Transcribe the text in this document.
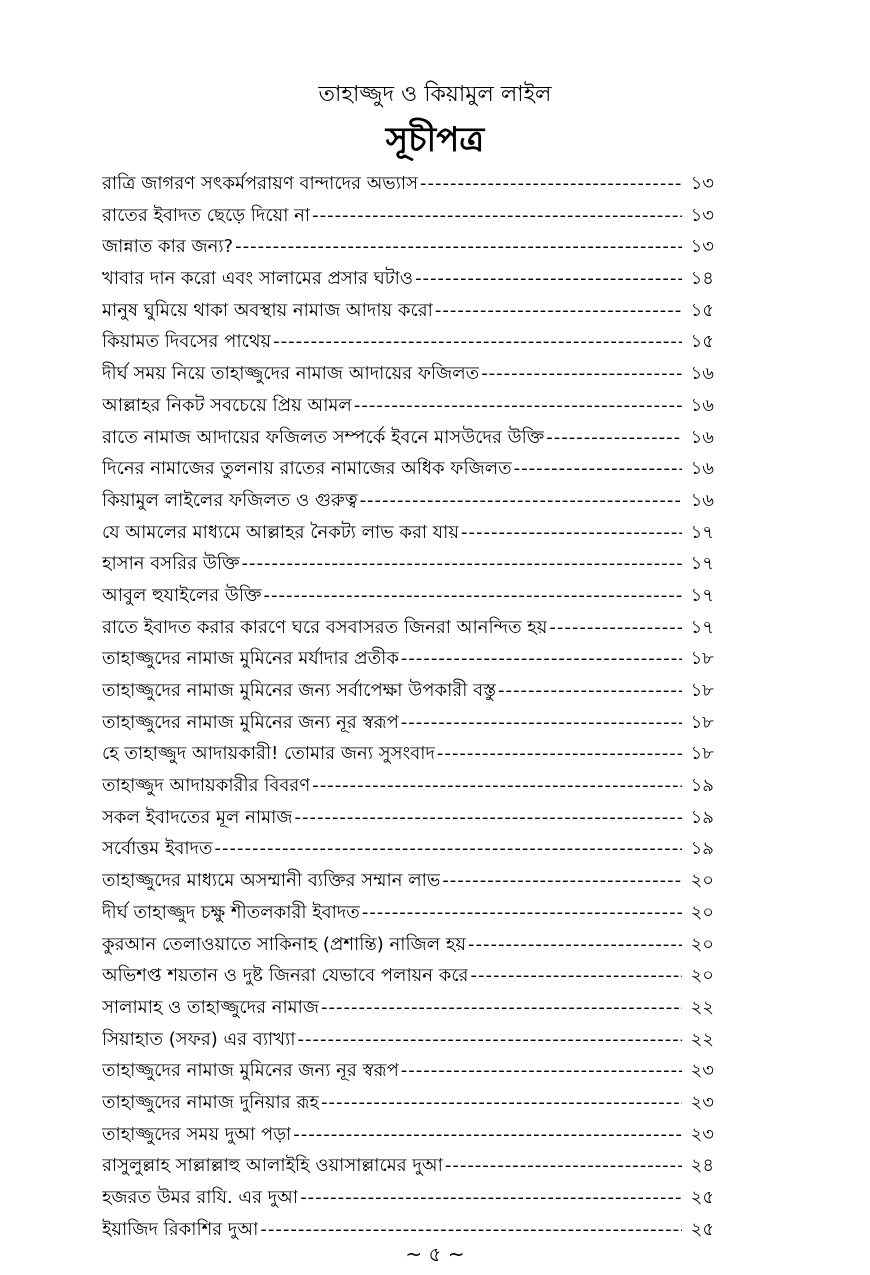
তাহাজ্জুদ ও কিয়ামুল লাইল
সূচীপত্র
রাত্রি জাগরণ সৎকর্মপরায়ণ বান্দাদের অভ্যাস -----	১৩
রাতের ইবাদত ছেড়ে দিয়ো না -----	১৩
জান্নাত কার জন্য? -----	১৩
খাবার দান করো এবং সালামের প্রসার ঘটাও -----	১৪
মানুষ ঘুমিয়ে থাকা অবস্থায় নামাজ আদায় করো -----	১৫
কিয়ামত দিবসের পাথেয় -----	১৫
দীর্ঘ সময় নিয়ে তাহাজ্জুদের নামাজ আদায়ের ফজিলত -----	১৬
আল্লাহর নিকট সবচেয়ে প্রিয় আমল -----	১৬
রাতে নামাজ আদায়ের ফজিলত সম্পর্কে ইবনে মাসউদের উক্তি -----	১৬
দিনের নামাজের তুলনায় রাতের নামাজের অধিক ফজিলত -----	১৬
কিয়ামুল লাইলের ফজিলত ও গুরুত্ব -----	১৬
যে আমলের মাধ্যমে আল্লাহর নৈকট্য লাভ করা যায় -----	১৭
হাসান বসরির উক্তি -----	১৭
আবুল হুযাইলের উক্তি -----	১৭
রাতে ইবাদত করার কারণে ঘরে বসবাসরত জিনরা আনন্দিত হয় -----	১৭
তাহাজ্জুদের নামাজ মুমিনের মর্যাদার প্রতীক -----	১৮
তাহাজ্জুদের নামাজ মুমিনের জন্য সর্বাপেক্ষা উপকারী বস্তু -----	১৮
তাহাজ্জুদের নামাজ মুমিনের জন্য নূর স্বরূপ -----	১৮
হে তাহাজ্জুদ আদায়কারী! তোমার জন্য সুসংবাদ -----	১৮
তাহাজ্জুদ আদায়কারীর বিবরণ -----	১৯
সকল ইবাদতের মূল নামাজ -----	১৯
সর্বোত্তম ইবাদত -----	১৯
তাহাজ্জুদের মাধ্যমে অসম্মানী ব্যক্তির সম্মান লাভ -----	২০
দীর্ঘ তাহাজ্জুদ চক্ষু শীতলকারী ইবাদত -----	২০
কুরআন তেলাওয়াতে সাকিনাহ (প্রশান্তি) নাজিল হয় -----	২০
অভিশপ্ত শয়তান ও দুষ্ট জিনরা যেভাবে পলায়ন করে -----	২০
সালামাহ ও তাহাজ্জুদের নামাজ -----	২২
সিয়াহাত (সফর) এর ব্যাখ্যা -----	২২
তাহাজ্জুদের নামাজ মুমিনের জন্য নূর স্বরূপ -----	২৩
তাহাজ্জুদের নামাজ দুনিয়ার রূহ -----	২৩
তাহাজ্জুদের সময় দুআ পড়া -----	২৩
রাসুলুল্লাহ সাল্লাল্লাহু আলাইহি ওয়াসাল্লামের দুআ -----	২৪
হজরত উমর রাযি. এর দুআ -----	২৫
ইয়াজিদ রিকাশির দুআ -----	২৫
~ ৫ ~
